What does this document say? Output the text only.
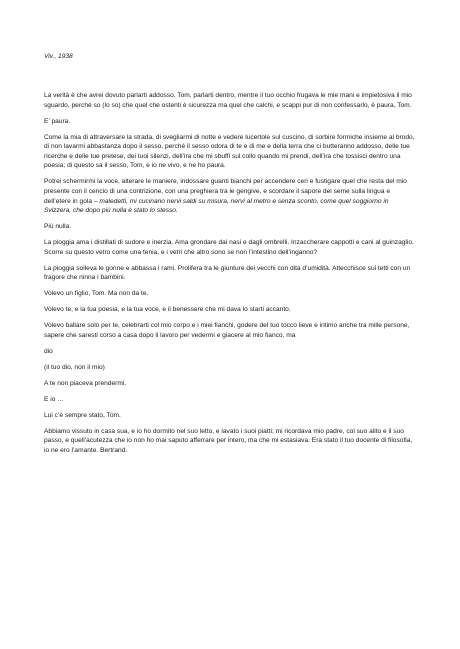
Viv., 1938
La verità è che avrei dovuto parlarti addosso, Tom, parlarti dentro, mentre il tuo occhio frugava le mie mani e impietosiva il mio sguardo, perché so (lo so) che quel che ostenti è sicurezza ma quel che calchi, e scappi pur di non confessarlo, è paura, Tom.
E’ paura.
Come la mia di attraversare la strada, di svegliarmi di notte e vedere lucertole sul cuscino, di sorbire formiche insieme al brodo, di non lavarmi abbastanza dopo il sesso, perché il sesso odora di te e di me e della terra che ci butteranno addosso, delle tue ricerche e delle tue pretese, dei tuoi silenzi, dell’ira che mi sbuffi sul collo quando mi prendi, dell’ira che tossisci dentro una poesia; di questo sa il sesso, Tom, e io ne vivo, e ne ho paura.
Potrei schermirmi la voce, alterare le maniere, indossare guanti bianchi per accendere ceri e fustigare quel che resta del mio presente con il cencio di una contrizione, con una preghiera tra le gengive, e scordare il sapore del seme sulla lingua e dell’etere in gola – maledetti, mi cucinano nervi saldi su misura, nervi al metro e senza sconto, come quel soggiorno in Svizzera, che dopo più nulla è stato lo stesso.
Più nulla.
La pioggia ama i distillati di sudore e inerzia. Ama grondare dai nasi e dagli ombrelli. Inzaccherare cappotti e cani al guinzaglio. Scorre su questo vetro come una tenia, e i vetri che altro sono se non l’intestino dell’inganno?
La pioggia solleva le gonne e abbassa i rami. Prolifera tra le giunture dei vecchi con dita d’umidità. Attecchisce sui tetti con un fragore che ninna i bambini.
Volevo un figlio, Tom. Ma non da te.
Volevo te, e la tua poesia, e la tua voce, e il benessere che mi dava lo starti accanto.
Volevo ballare solo per te, celebrarti col mio corpo e i miei fianchi, godere del tuo tocco lieve e intimo anche tra mille persone, sapere che saresti corso a casa dopo il lavoro per vedermi e giacere al mio fianco, ma
dio
(il tuo dio, non il mio)
A te non piaceva prendermi.
E io …
Lui c’è sempre stato, Tom.
Abbiamo vissuto in casa sua, e io ho dormito nel suo letto, e lavato i suoi piatti; mi ricordava mio padre, col suo alito e il suo passo, e quell’acutezza che io non ho mai saputo afferrare per intero, ma che mi estasiava. Era stato il tuo docente di filosofia, io ne ero l’amante. Bertrand.
